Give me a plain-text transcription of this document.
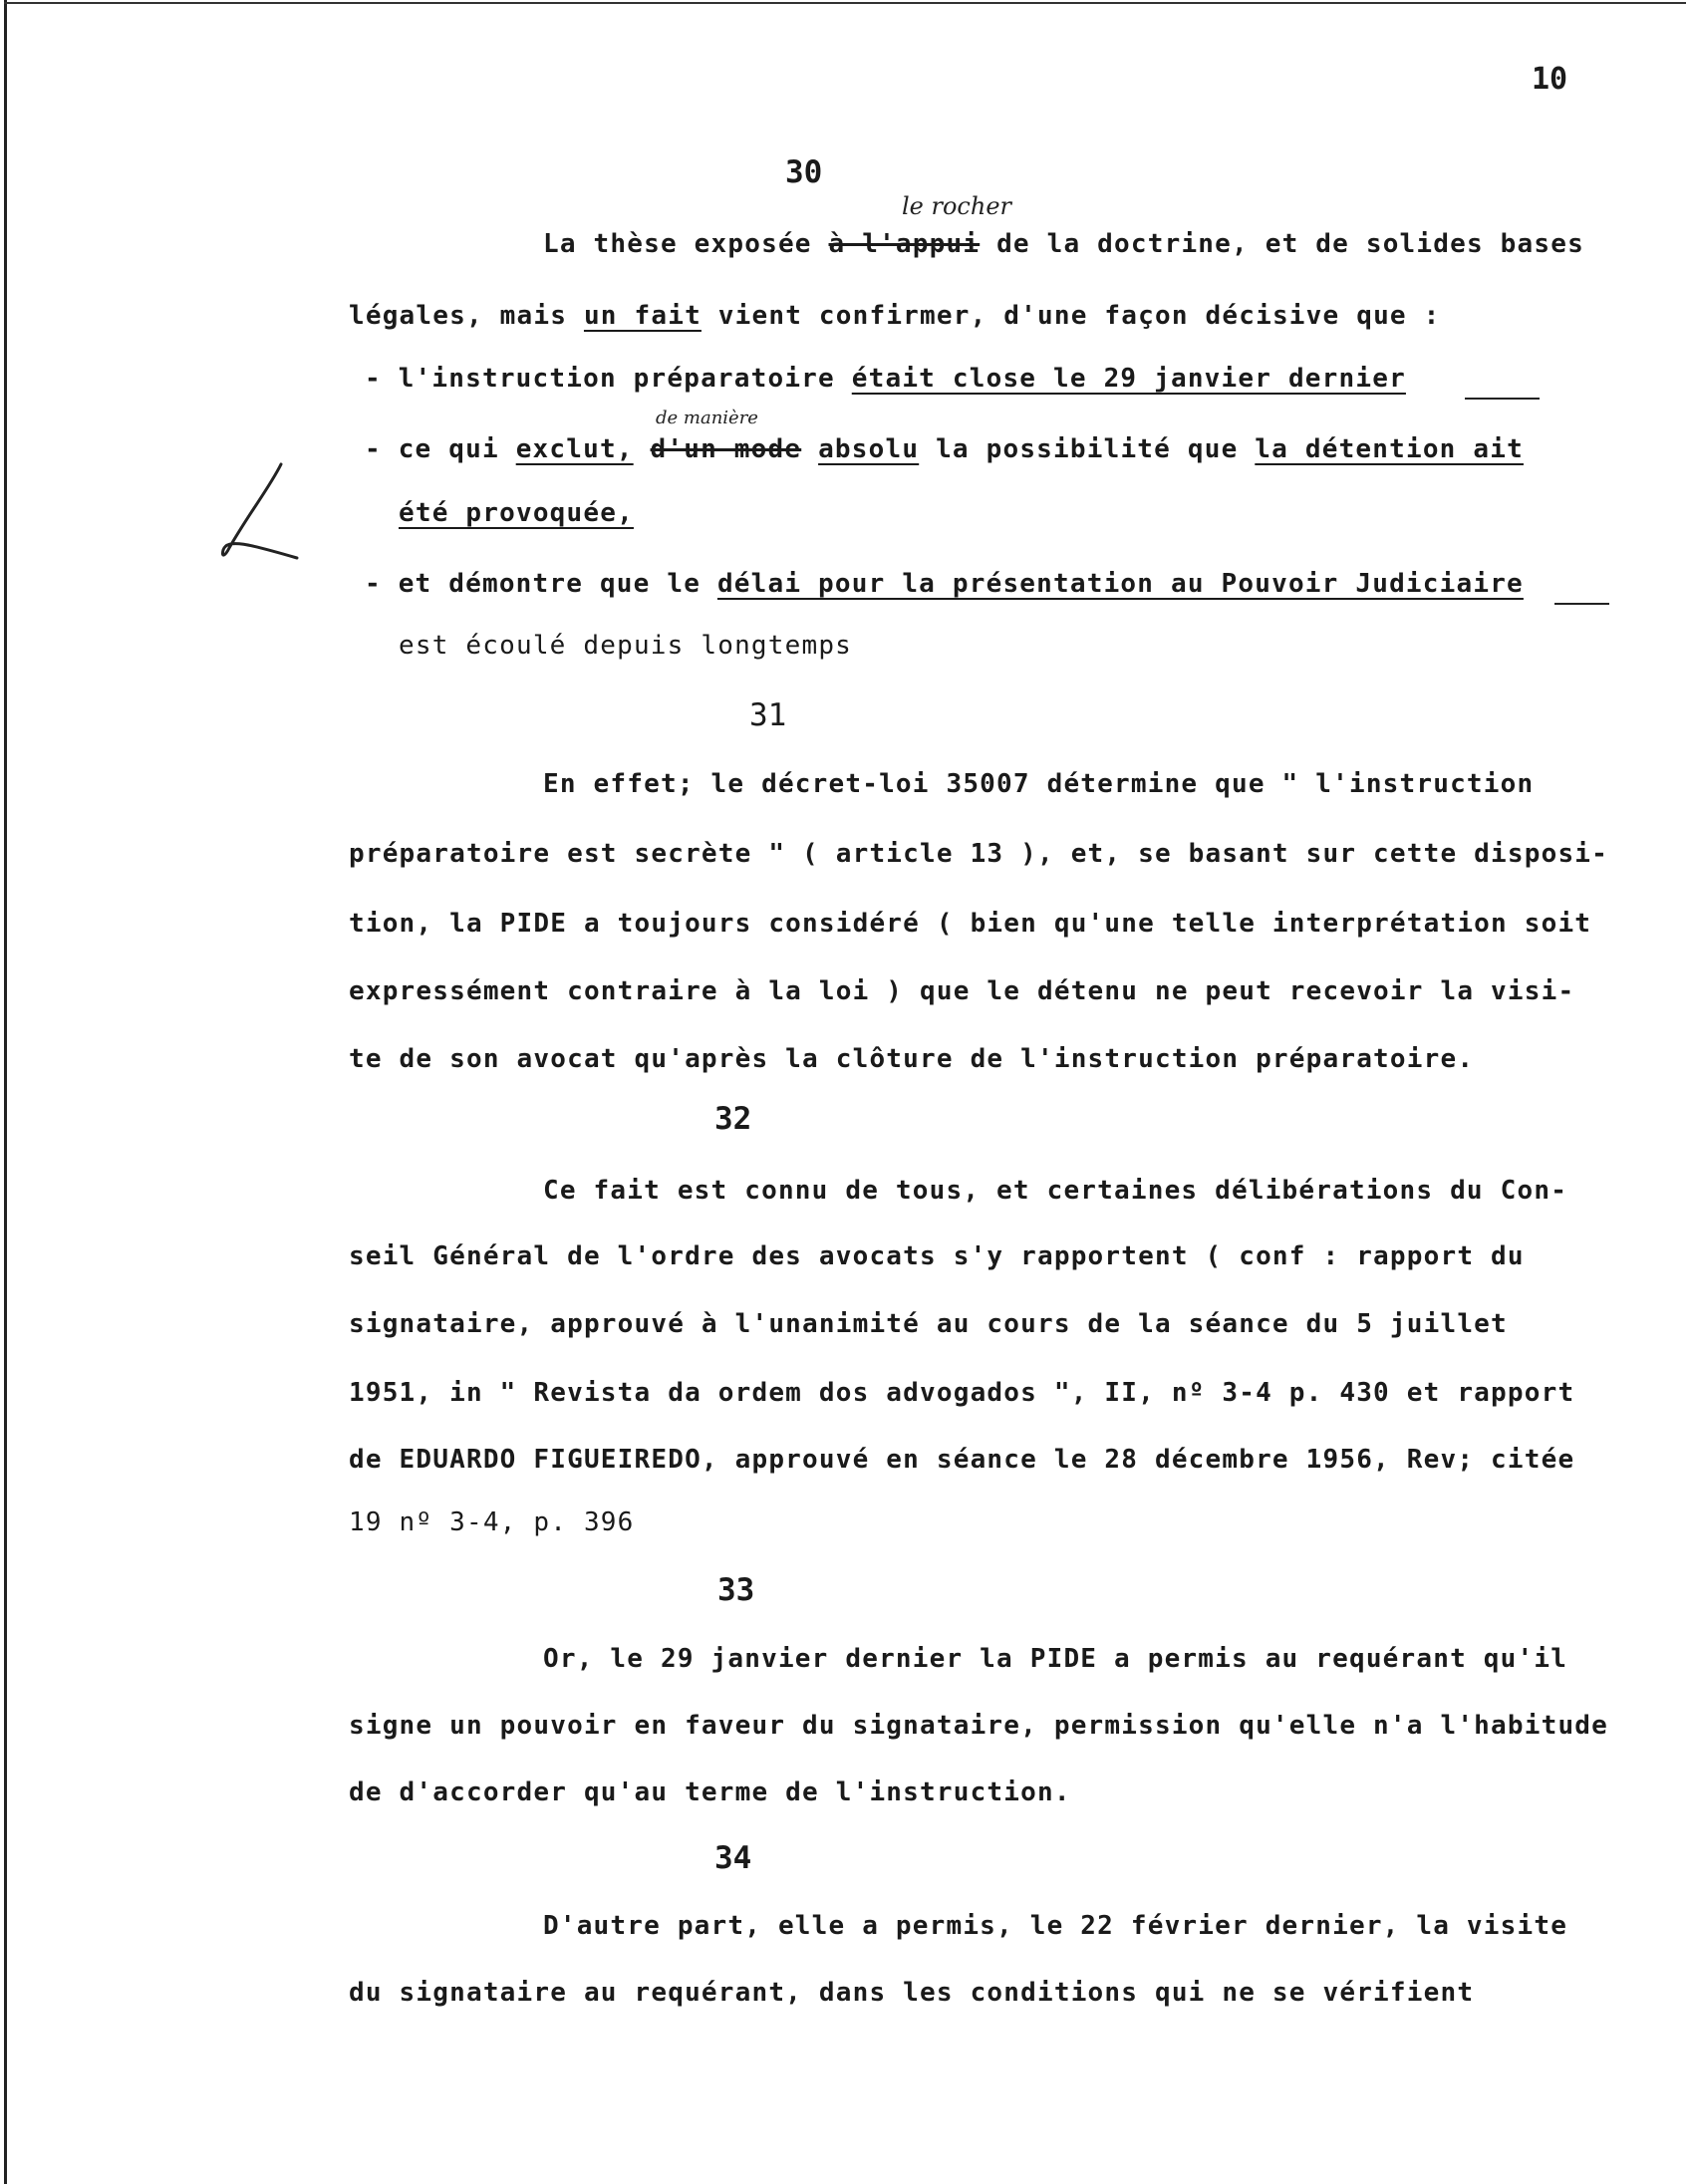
10
30
le rocher
La thèse exposée à l'appui de la doctrine, et de solides bases
légales, mais un fait vient confirmer, d'une façon décisive que :
- l'instruction préparatoire était close le 29 janvier dernier
de manière
- ce qui exclut, d'un mode absolu la possibilité que la détention ait
été provoquée,
- et démontre que le délai pour la présentation au Pouvoir Judiciaire
est écoulé depuis longtemps
31
En effet; le décret-loi 35007 détermine que " l'instruction
préparatoire est secrète " ( article 13 ), et, se basant sur cette disposi-
tion, la PIDE a toujours considéré ( bien qu'une telle interprétation soit
expressément contraire à la loi ) que le détenu ne peut recevoir la visi-
te de son avocat qu'après la clôture de l'instruction préparatoire.
32
Ce fait est connu de tous, et certaines délibérations du Con-
seil Général de l'ordre des avocats s'y rapportent ( conf : rapport du
signataire, approuvé à l'unanimité au cours de la séance du 5 juillet
1951, in " Revista da ordem dos advogados ", II, nº 3-4 p. 430 et rapport
de EDUARDO FIGUEIREDO, approuvé en séance le 28 décembre 1956, Rev; citée
19 nº 3-4, p. 396
33
Or, le 29 janvier dernier la PIDE a permis au requérant qu'il
signe un pouvoir en faveur du signataire, permission qu'elle n'a l'habitude
de d'accorder qu'au terme de l'instruction.
34
D'autre part, elle a permis, le 22 février dernier, la visite
du signataire au requérant, dans les conditions qui ne se vérifient
